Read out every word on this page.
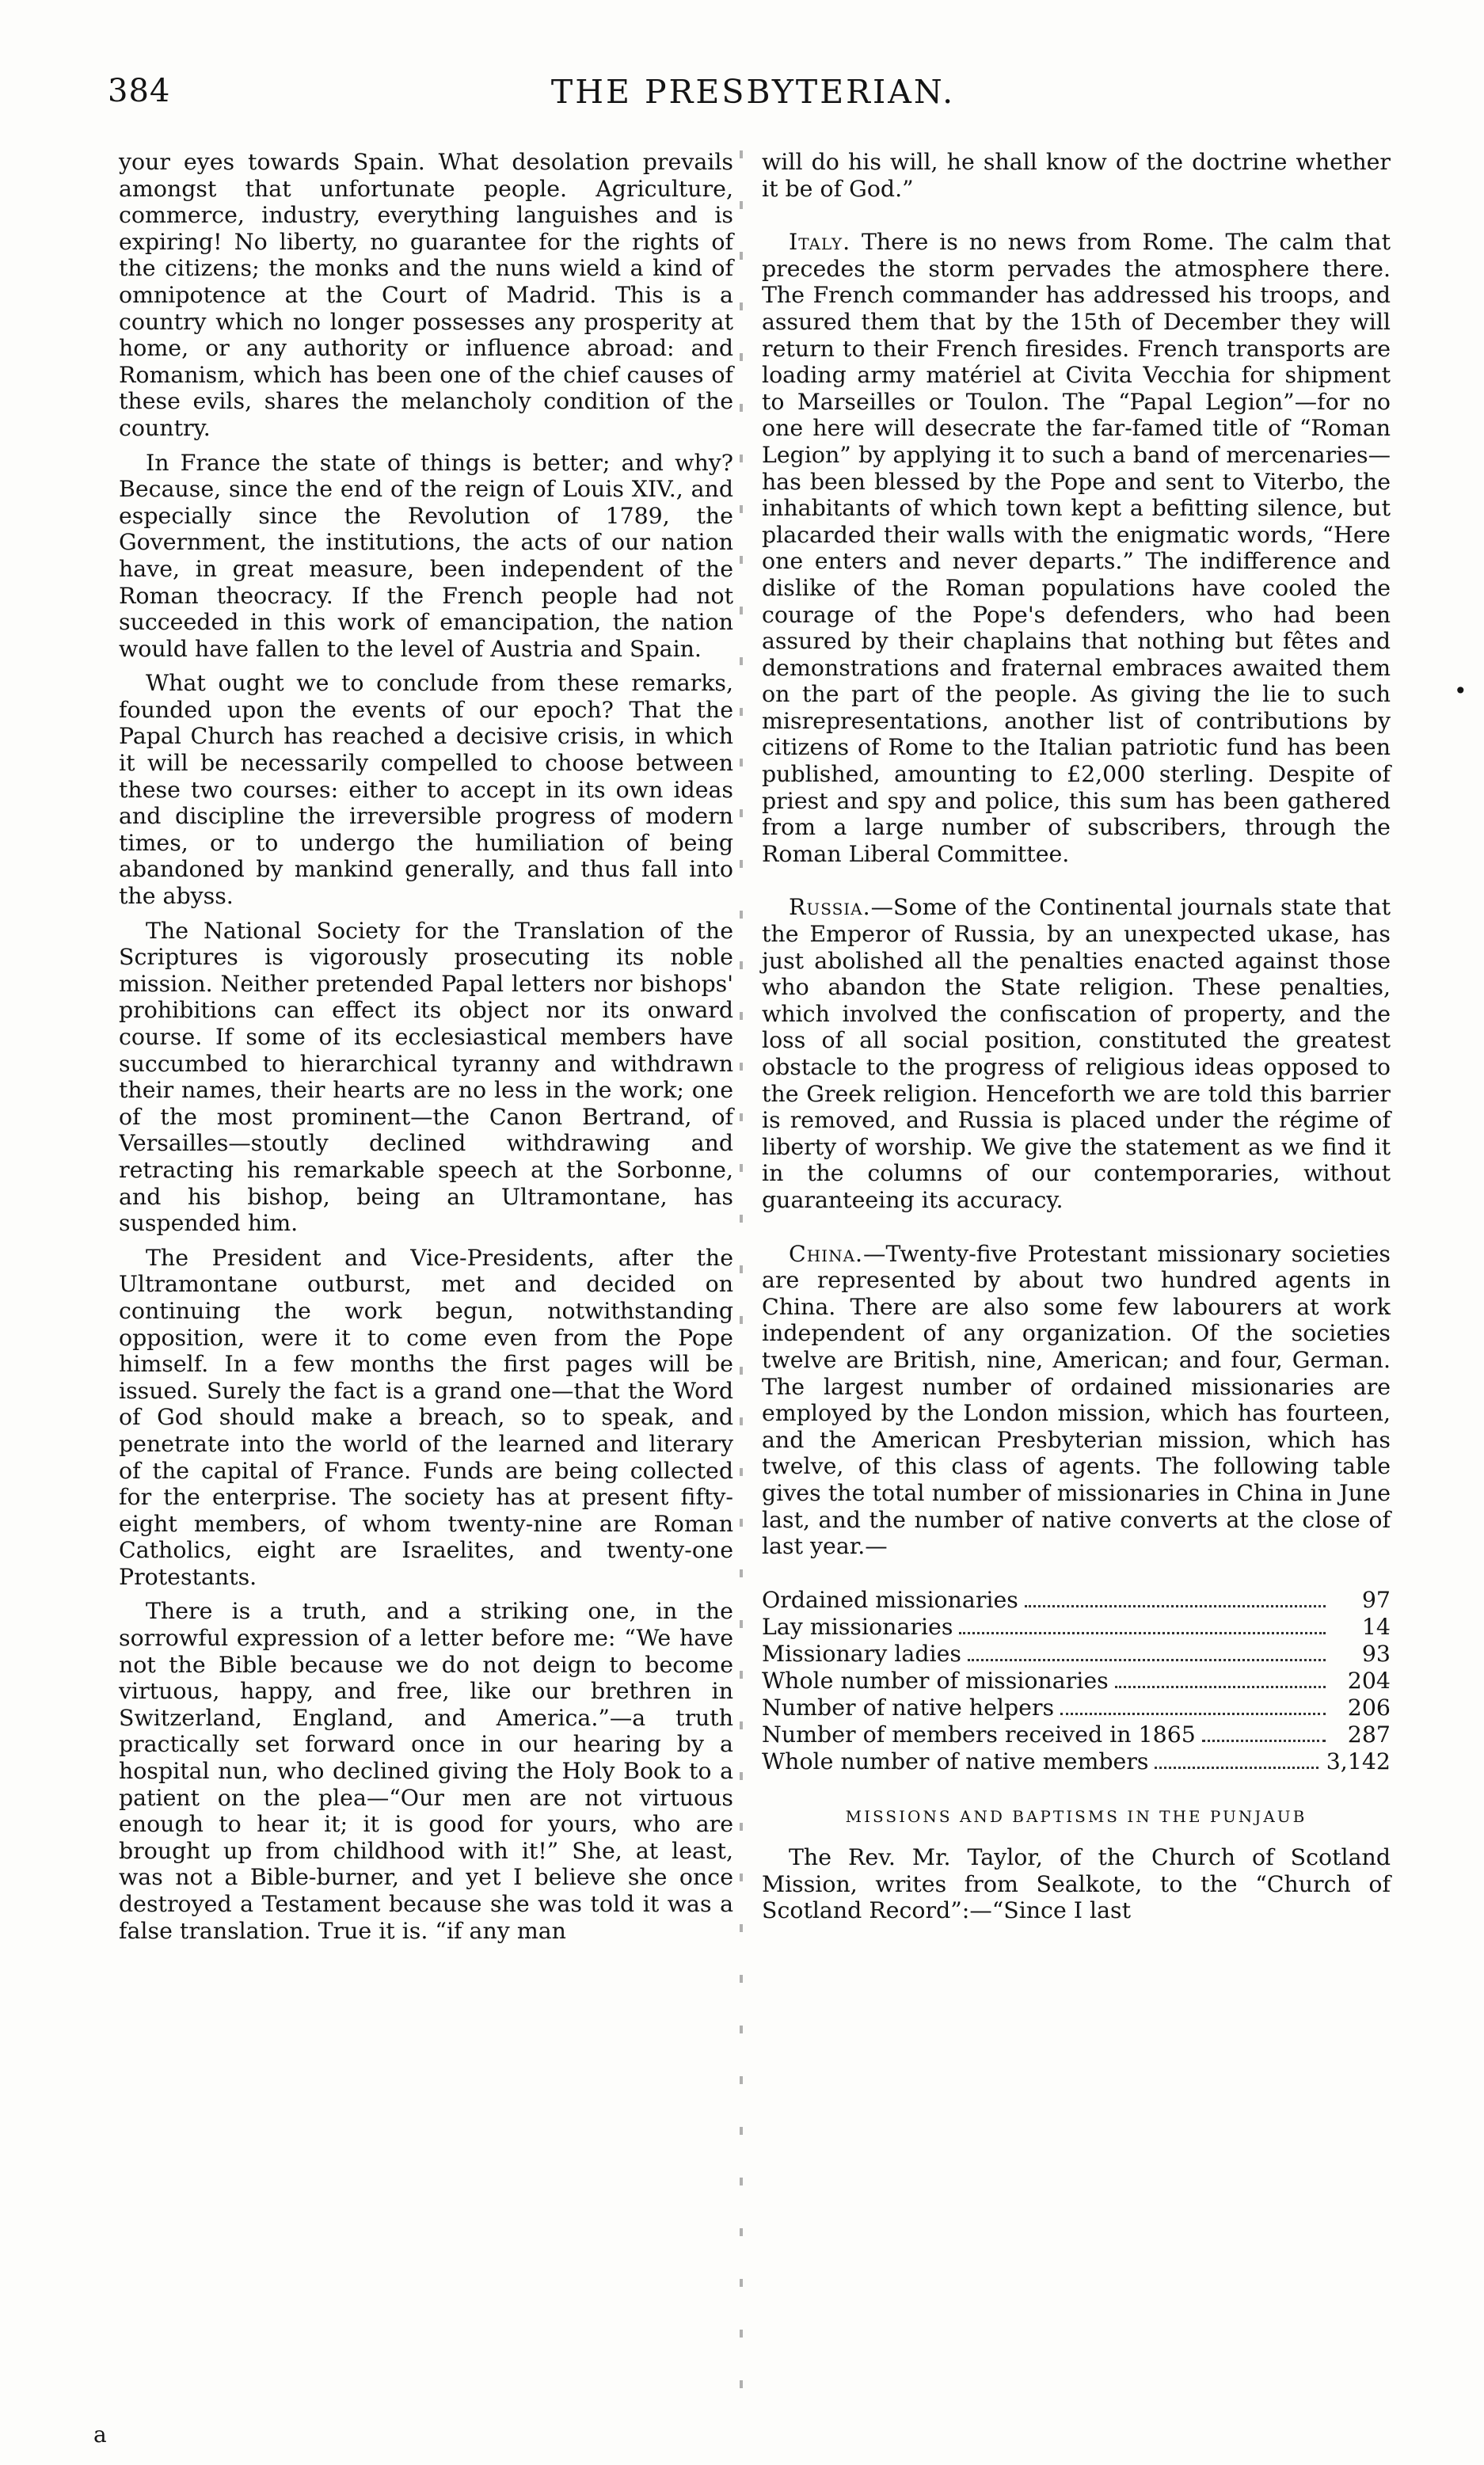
384	THE PRESBYTERIAN.

your eyes towards Spain. What desolation prevails amongst that unfortunate people. Agriculture, commerce, industry, everything languishes and is expiring! No liberty, no guarantee for the rights of the citizens; the monks and the nuns wield a kind of omnipotence at the Court of Madrid. This is a country which no longer possesses any prosperity at home, or any authority or influence abroad: and Romanism, which has been one of the chief causes of these evils, shares the melancholy condition of the country.

In France the state of things is better; and why? Because, since the end of the reign of Louis XIV., and especially since the Revolution of 1789, the Government, the institutions, the acts of our nation have, in great measure, been independent of the Roman theocracy. If the French people had not succeeded in this work of emancipation, the nation would have fallen to the level of Austria and Spain.

What ought we to conclude from these remarks, founded upon the events of our epoch? That the Papal Church has reached a decisive crisis, in which it will be necessarily compelled to choose between these two courses: either to accept in its own ideas and discipline the irreversible progress of modern times, or to undergo the humiliation of being abandoned by mankind generally, and thus fall into the abyss.

The National Society for the Translation of the Scriptures is vigorously prosecuting its noble mission. Neither pretended Papal letters nor bishops' prohibitions can effect its object nor its onward course. If some of its ecclesiastical members have succumbed to hierarchical tyranny and withdrawn their names, their hearts are no less in the work; one of the most prominent—the Canon Bertrand, of Versailles—stoutly declined withdrawing and retracting his remarkable speech at the Sorbonne, and his bishop, being an Ultramontane, has suspended him.

The President and Vice-Presidents, after the Ultramontane outburst, met and decided on continuing the work begun, notwithstanding opposition, were it to come even from the Pope himself. In a few months the first pages will be issued. Surely the fact is a grand one—that the Word of God should make a breach, so to speak, and penetrate into the world of the learned and literary of the capital of France. Funds are being collected for the enterprise. The society has at present fifty-eight members, of whom twenty-nine are Roman Catholics, eight are Israelites, and twenty-one Protestants.

There is a truth, and a striking one, in the sorrowful expression of a letter before me: “We have not the Bible because we do not deign to become virtuous, happy, and free, like our brethren in Switzerland, England, and America.”—a truth practically set forward once in our hearing by a hospital nun, who declined giving the Holy Book to a patient on the plea—“Our men are not virtuous enough to hear it; it is good for yours, who are brought up from childhood with it!” She, at least, was not a Bible-burner, and yet I believe she once destroyed a Testament because she was told it was a false translation. True it is. “if any man

will do his will, he shall know of the doctrine whether it be of God.”

Italy. There is no news from Rome. The calm that precedes the storm pervades the atmosphere there. The French commander has addressed his troops, and assured them that by the 15th of December they will return to their French firesides. French transports are loading army matériel at Civita Vecchia for shipment to Marseilles or Toulon. The “Papal Legion”—for no one here will desecrate the far-famed title of “Roman Legion” by applying it to such a band of mercenaries—has been blessed by the Pope and sent to Viterbo, the inhabitants of which town kept a befitting silence, but placarded their walls with the enigmatic words, “Here one enters and never departs.” The indifference and dislike of the Roman populations have cooled the courage of the Pope's defenders, who had been assured by their chaplains that nothing but fêtes and demonstrations and fraternal embraces awaited them on the part of the people. As giving the lie to such misrepresentations, another list of contributions by citizens of Rome to the Italian patriotic fund has been published, amounting to £2,000 sterling. Despite of priest and spy and police, this sum has been gathered from a large number of subscribers, through the Roman Liberal Committee.

Russia.—Some of the Continental journals state that the Emperor of Russia, by an unexpected ukase, has just abolished all the penalties enacted against those who abandon the State religion. These penalties, which involved the confiscation of property, and the loss of all social position, constituted the greatest obstacle to the progress of religious ideas opposed to the Greek religion. Henceforth we are told this barrier is removed, and Russia is placed under the régime of liberty of worship. We give the statement as we find it in the columns of our contemporaries, without guaranteeing its accuracy.

China.—Twenty-five Protestant missionary societies are represented by about two hundred agents in China. There are also some few labourers at work independent of any organization. Of the societies twelve are British, nine, American; and four, German. The largest number of ordained missionaries are employed by the London mission, which has fourteen, and the American Presbyterian mission, which has twelve, of this class of agents. The following table gives the total number of missionaries in China in June last, and the number of native converts at the close of last year.—

Ordained missionaries	97
Lay missionaries	14
Missionary ladies	93
Whole number of missionaries	204
Number of native helpers	206
Number of members received in 1865	287
Whole number of native members	3,142
MISSIONS AND BAPTISMS IN THE PUNJAUB

The Rev. Mr. Taylor, of the Church of Scotland Mission, writes from Sealkote, to the “Church of Scotland Record”:—“Since I last

a
•
